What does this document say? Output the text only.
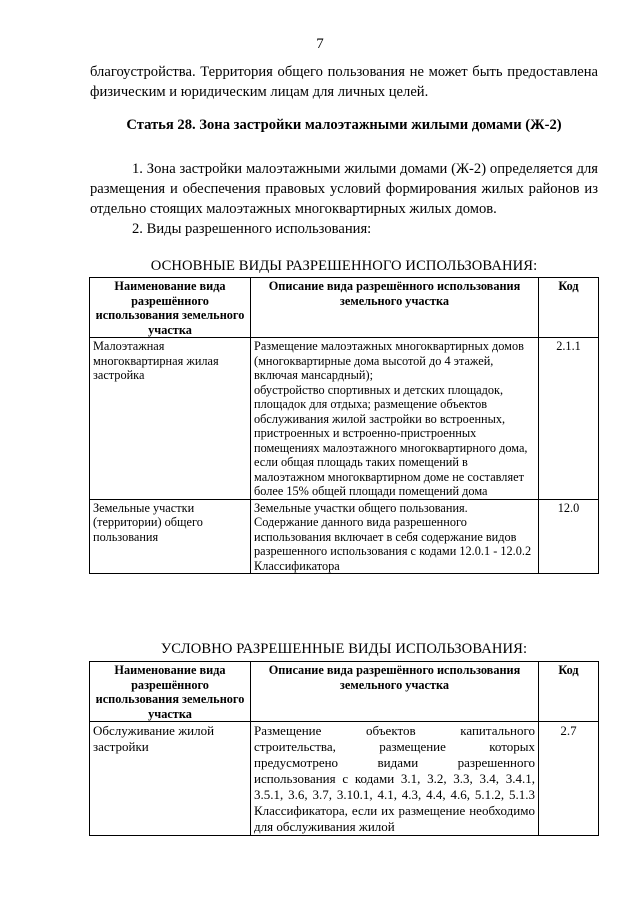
7

благоустройства. Территория общего пользования не может быть предоставлена физическим и юридическим лицам для личных целей.

Статья 28. Зона застройки малоэтажными жилыми домами (Ж-2)

1. Зона застройки малоэтажными жилыми домами (Ж-2) определяется для размещения и обеспечения правовых условий формирования жилых районов из отдельно стоящих малоэтажных многоквартирных жилых домов.

2. Виды разрешенного использования:

ОСНОВНЫЕ ВИДЫ РАЗРЕШЕННОГО ИСПОЛЬЗОВАНИЯ:
Наименование вида разрешённого использования земельного участка	Описание вида разрешённого использования земельного участка	Код
Малоэтажная многоквартирная жилая застройка	Размещение малоэтажных многоквартирных домов (многоквартирные дома высотой до 4 этажей, включая мансардный);
обустройство спортивных и детских площадок, площадок для отдыха; размещение объектов обслуживания жилой застройки во встроенных, пристроенных и встроенно-пристроенных помещениях малоэтажного многоквартирного дома, если общая площадь таких помещений в малоэтажном многоквартирном доме не составляет более 15% общей площади помещений дома	2.1.1
Земельные участки (территории) общего пользования	Земельные участки общего пользования.
Содержание данного вида разрешенного использования включает в себя содержание видов разрешенного использования с кодами 12.0.1 - 12.0.2 Классификатора	12.0
УСЛОВНО РАЗРЕШЕННЫЕ ВИДЫ ИСПОЛЬЗОВАНИЯ:
Наименование вида разрешённого использования земельного участка	Описание вида разрешённого использования земельного участка	Код
Обслуживание жилой застройки	Размещение объектов капитального строительства, размещение которых предусмотрено видами разрешенного использования с кодами 3.1, 3.2, 3.3, 3.4, 3.4.1, 3.5.1, 3.6, 3.7, 3.10.1, 4.1, 4.3, 4.4, 4.6, 5.1.2, 5.1.3 Классификатора, если их размещение необходимо для обслуживания жилой	2.7
